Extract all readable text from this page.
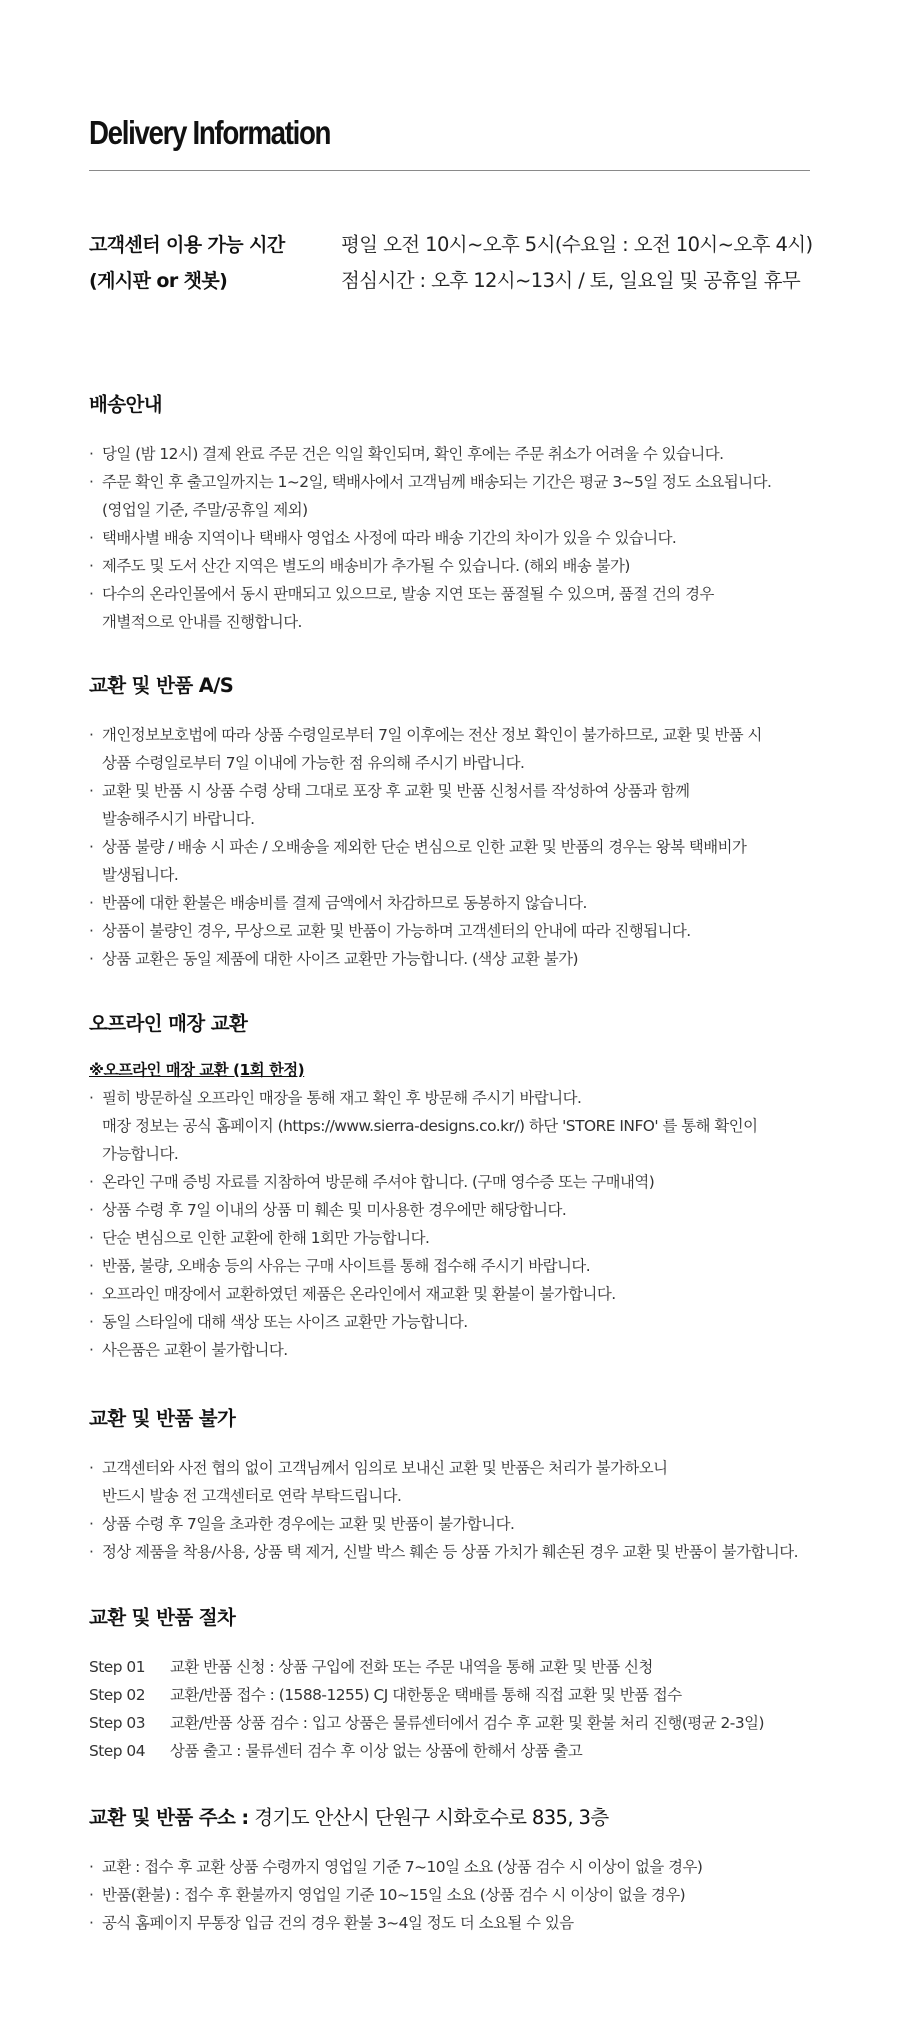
Delivery Information
고객센터 이용 가능 시간	평일 오전 10시~오후 5시(수요일 : 오전 10시~오후 4시)
(게시판 or 챗봇)	점심시간 : 오후 12시~13시 / 토, 일요일 및 공휴일 휴무
배송안내
· 당일 (밤 12시) 결제 완료 주문 건은 익일 확인되며, 확인 후에는 주문 취소가 어려울 수 있습니다.
· 주문 확인 후 출고일까지는 1~2일, 택배사에서 고객님께 배송되는 기간은 평균 3~5일 정도 소요됩니다.
(영업일 기준, 주말/공휴일 제외)
· 택배사별 배송 지역이나 택배사 영업소 사정에 따라 배송 기간의 차이가 있을 수 있습니다.
· 제주도 및 도서 산간 지역은 별도의 배송비가 추가될 수 있습니다. (해외 배송 불가)
· 다수의 온라인몰에서 동시 판매되고 있으므로, 발송 지연 또는 품절될 수 있으며, 품절 건의 경우
개별적으로 안내를 진행합니다.
교환 및 반품 A/S
· 개인정보보호법에 따라 상품 수령일로부터 7일 이후에는 전산 정보 확인이 불가하므로, 교환 및 반품 시
상품 수령일로부터 7일 이내에 가능한 점 유의해 주시기 바랍니다.
· 교환 및 반품 시 상품 수령 상태 그대로 포장 후 교환 및 반품 신청서를 작성하여 상품과 함께
발송해주시기 바랍니다.
· 상품 불량 / 배송 시 파손 / 오배송을 제외한 단순 변심으로 인한 교환 및 반품의 경우는 왕복 택배비가
발생됩니다.
· 반품에 대한 환불은 배송비를 결제 금액에서 차감하므로 동봉하지 않습니다.
· 상품이 불량인 경우, 무상으로 교환 및 반품이 가능하며 고객센터의 안내에 따라 진행됩니다.
· 상품 교환은 동일 제품에 대한 사이즈 교환만 가능합니다. (색상 교환 불가)
오프라인 매장 교환
※오프라인 매장 교환 (1회 한정)
· 필히 방문하실 오프라인 매장을 통해 재고 확인 후 방문해 주시기 바랍니다.
매장 정보는 공식 홈페이지 (https://www.sierra-designs.co.kr/) 하단 'STORE INFO' 를 통해 확인이
가능합니다.
· 온라인 구매 증빙 자료를 지참하여 방문해 주셔야 합니다. (구매 영수증 또는 구매내역)
· 상품 수령 후 7일 이내의 상품 미 훼손 및 미사용한 경우에만 해당합니다.
· 단순 변심으로 인한 교환에 한해 1회만 가능합니다.
· 반품, 불량, 오배송 등의 사유는 구매 사이트를 통해 접수해 주시기 바랍니다.
· 오프라인 매장에서 교환하였던 제품은 온라인에서 재교환 및 환불이 불가합니다.
· 동일 스타일에 대해 색상 또는 사이즈 교환만 가능합니다.
· 사은품은 교환이 불가합니다.
교환 및 반품 불가
· 고객센터와 사전 협의 없이 고객님께서 임의로 보내신 교환 및 반품은 처리가 불가하오니
반드시 발송 전 고객센터로 연락 부탁드립니다.
· 상품 수령 후 7일을 초과한 경우에는 교환 및 반품이 불가합니다.
· 정상 제품을 착용/사용, 상품 택 제거, 신발 박스 훼손 등 상품 가치가 훼손된 경우 교환 및 반품이 불가합니다.
교환 및 반품 절차
Step 01	교환 반품 신청 : 상품 구입에 전화 또는 주문 내역을 통해 교환 및 반품 신청
Step 02	교환/반품 접수 : (1588-1255) CJ 대한통운 택배를 통해 직접 교환 및 반품 접수
Step 03	교환/반품 상품 검수 : 입고 상품은 물류센터에서 검수 후 교환 및 환불 처리 진행(평균 2-3일)
Step 04	상품 출고 : 물류센터 검수 후 이상 없는 상품에 한해서 상품 출고
교환 및 반품 주소 : 경기도 안산시 단원구 시화호수로 835, 3층
· 교환 : 접수 후 교환 상품 수령까지 영업일 기준 7~10일 소요 (상품 검수 시 이상이 없을 경우)
· 반품(환불) : 접수 후 환불까지 영업일 기준 10~15일 소요 (상품 검수 시 이상이 없을 경우)
· 공식 홈페이지 무통장 입금 건의 경우 환불 3~4일 정도 더 소요될 수 있음
